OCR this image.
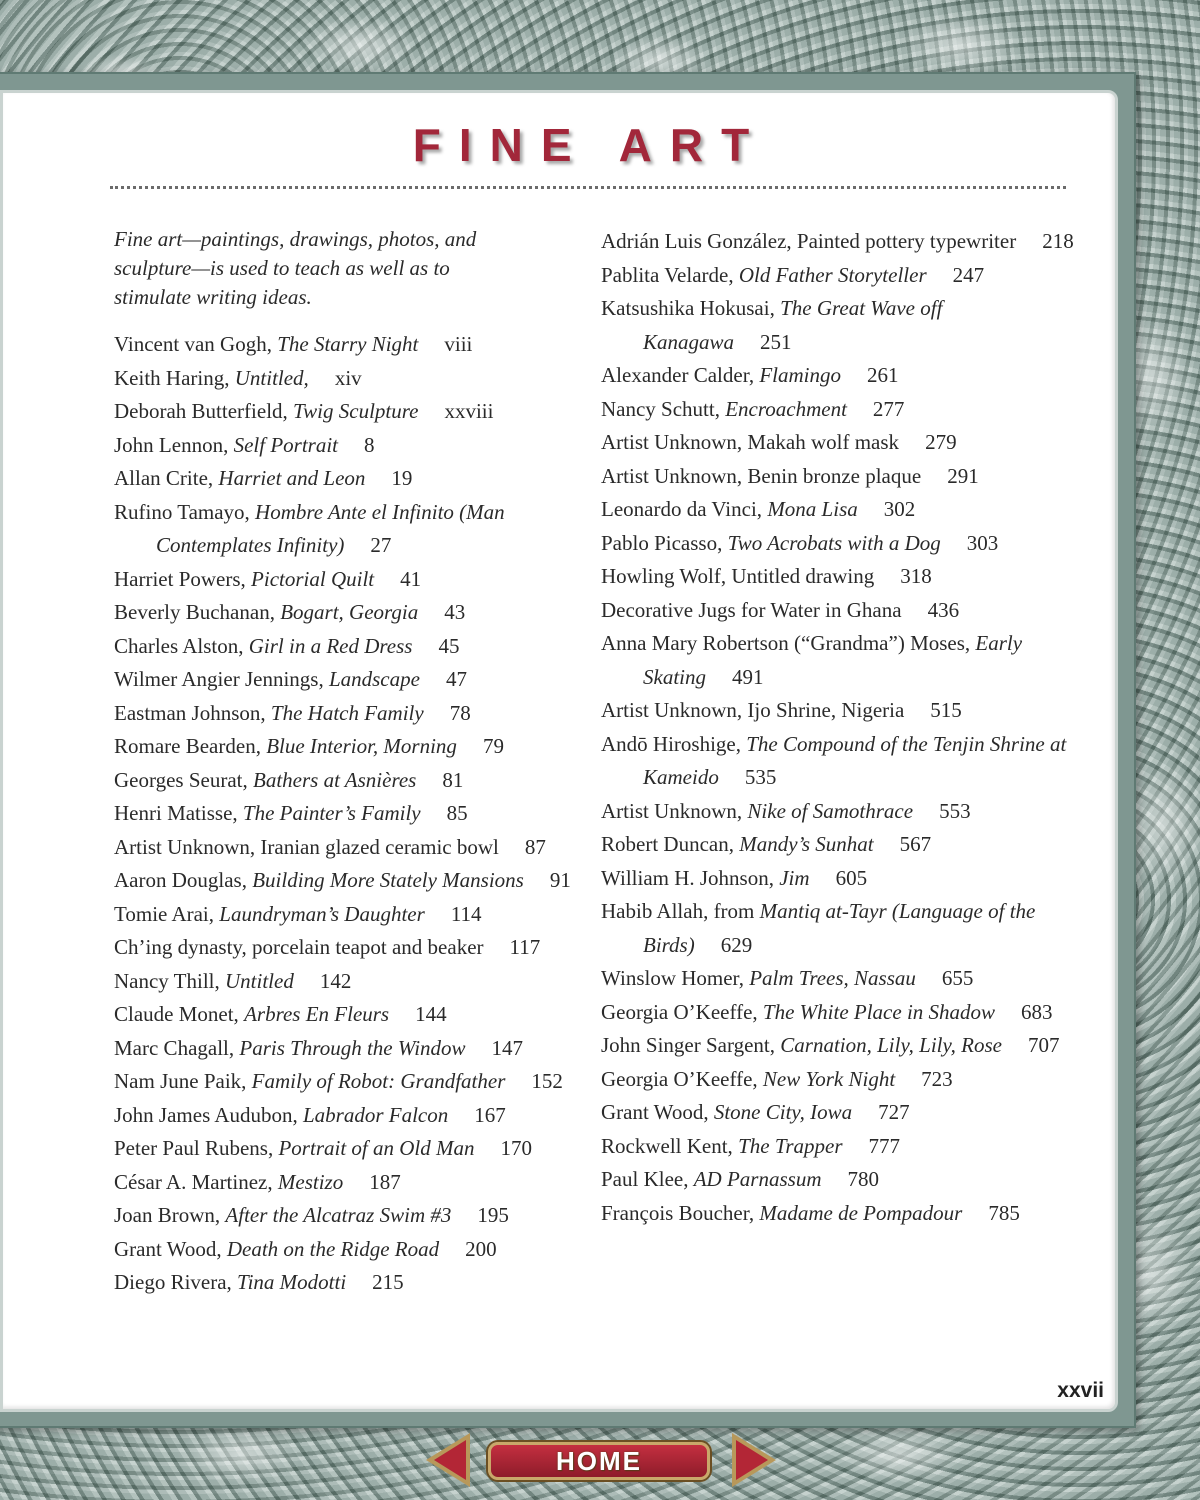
FINE ART

Fine art—paintings, drawings, photos, and sculpture—is used to teach as well as to stimulate writing ideas.

Vincent van Gogh, The Starry Night viii
Keith Haring, Untitled, xiv
Deborah Butterfield, Twig Sculpture xxviii
John Lennon, Self Portrait 8
Allan Crite, Harriet and Leon 19
Rufino Tamayo, Hombre Ante el Infinito (Man Contemplates Infinity) 27
Harriet Powers, Pictorial Quilt 41
Beverly Buchanan, Bogart, Georgia 43
Charles Alston, Girl in a Red Dress 45
Wilmer Angier Jennings, Landscape 47
Eastman Johnson, The Hatch Family 78
Romare Bearden, Blue Interior, Morning 79
Georges Seurat, Bathers at Asnières 81
Henri Matisse, The Painter’s Family 85
Artist Unknown, Iranian glazed ceramic bowl 87
Aaron Douglas, Building More Stately Mansions 91
Tomie Arai, Laundryman’s Daughter 114
Ch’ing dynasty, porcelain teapot and beaker 117
Nancy Thill, Untitled 142
Claude Monet, Arbres En Fleurs 144
Marc Chagall, Paris Through the Window 147
Nam June Paik, Family of Robot: Grandfather 152
John James Audubon, Labrador Falcon 167
Peter Paul Rubens, Portrait of an Old Man 170
César A. Martinez, Mestizo 187
Joan Brown, After the Alcatraz Swim #3 195
Grant Wood, Death on the Ridge Road 200
Diego Rivera, Tina Modotti 215
Adrián Luis González, Painted pottery typewriter 218
Pablita Velarde, Old Father Storyteller 247
Katsushika Hokusai, The Great Wave off Kanagawa 251
Alexander Calder, Flamingo 261
Nancy Schutt, Encroachment 277
Artist Unknown, Makah wolf mask 279
Artist Unknown, Benin bronze plaque 291
Leonardo da Vinci, Mona Lisa 302
Pablo Picasso, Two Acrobats with a Dog 303
Howling Wolf, Untitled drawing 318
Decorative Jugs for Water in Ghana 436
Anna Mary Robertson (“Grandma”) Moses, Early Skating 491
Artist Unknown, Ijo Shrine, Nigeria 515
Andō Hiroshige, The Compound of the Tenjin Shrine at Kameido 535
Artist Unknown, Nike of Samothrace 553
Robert Duncan, Mandy’s Sunhat 567
William H. Johnson, Jim 605
Habib Allah, from Mantiq at-Tayr (Language of the Birds) 629
Winslow Homer, Palm Trees, Nassau 655
Georgia O’Keeffe, The White Place in Shadow 683
John Singer Sargent, Carnation, Lily, Lily, Rose 707
Georgia O’Keeffe, New York Night 723
Grant Wood, Stone City, Iowa 727
Rockwell Kent, The Trapper 777
Paul Klee, AD Parnassum 780
François Boucher, Madame de Pompadour 785
xxvii
HOME
